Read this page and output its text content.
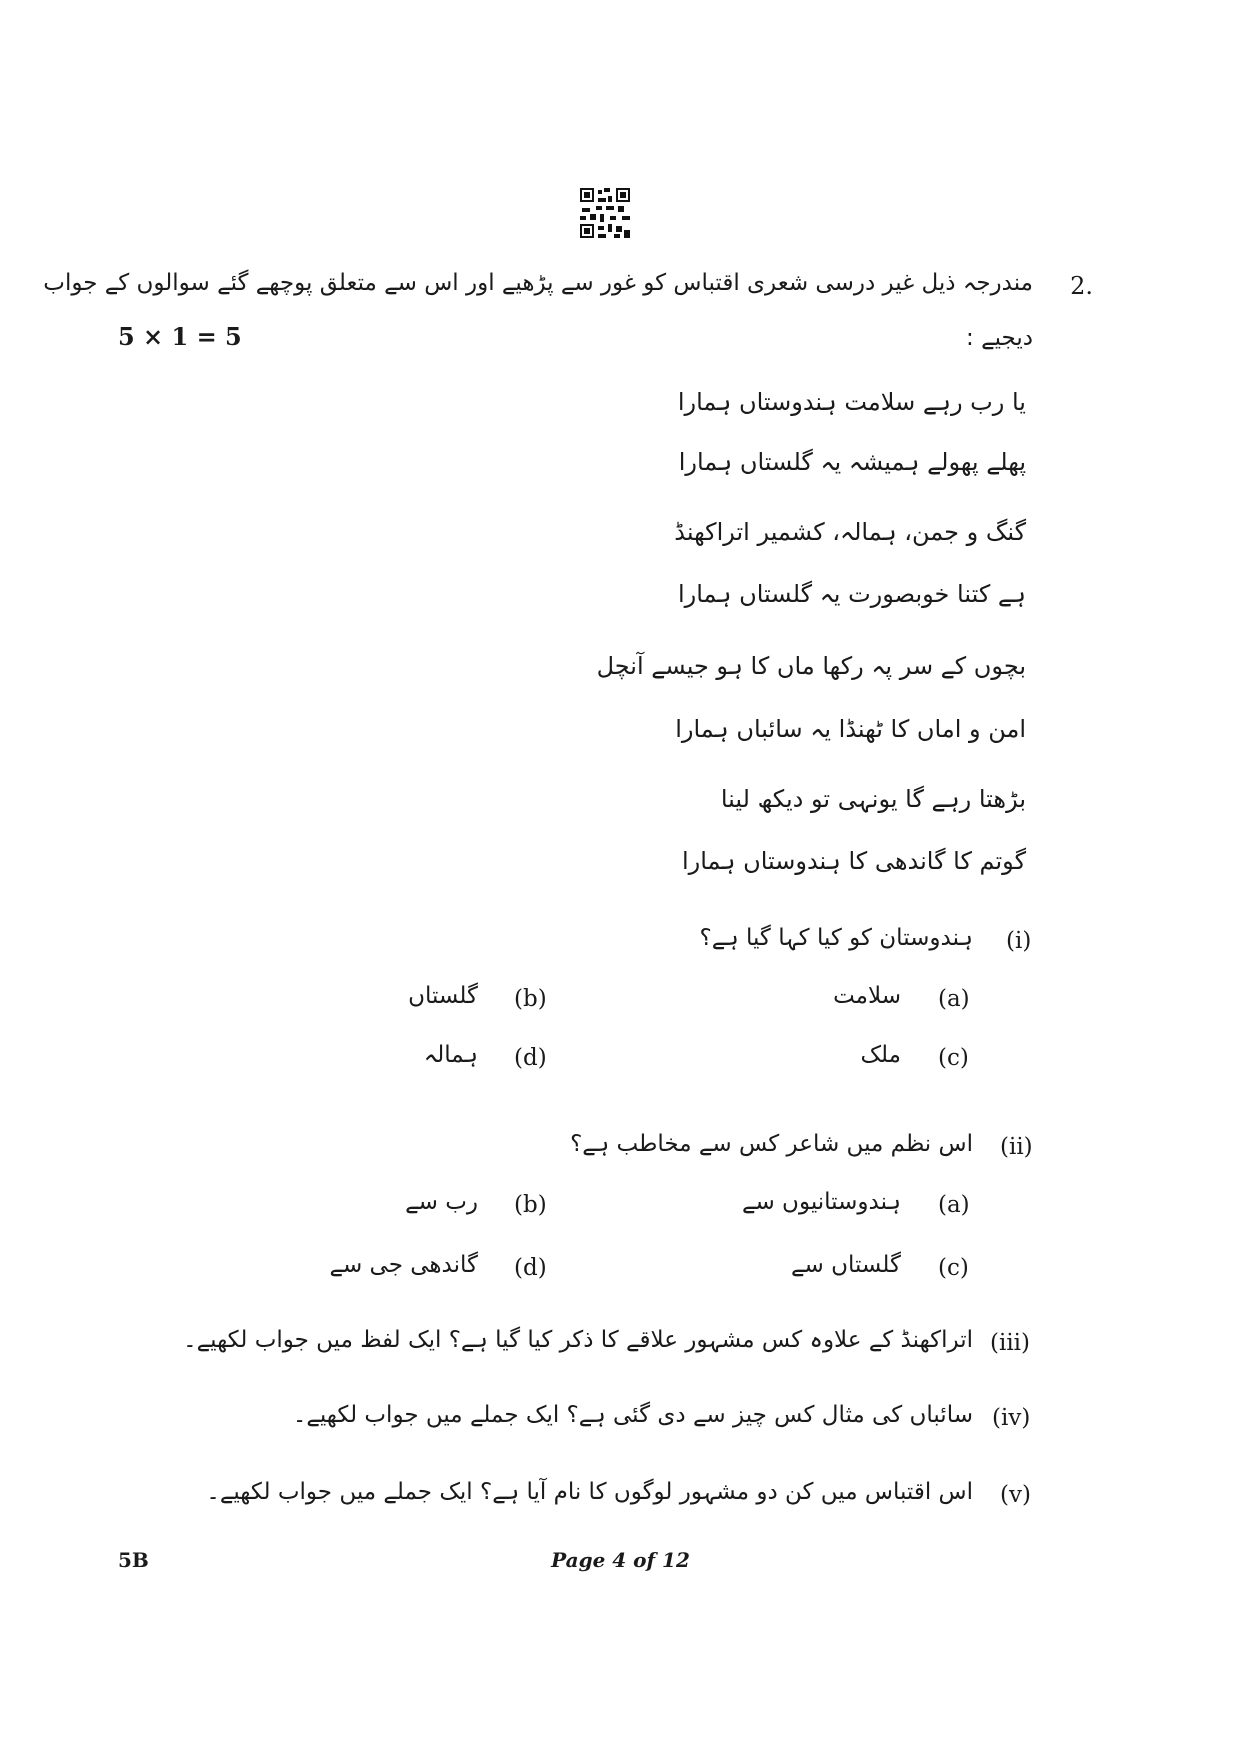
2.
مندرجہ ذیل غیر درسی شعری اقتباس کو غور سے پڑھیے اور اس سے متعلق پوچھے گئے سوالوں کے جواب
دیجیے :
5 × 1 = 5
یا رب رہے سلامت ہندوستاں ہمارا
پھلے پھولے ہمیشہ یہ گلستاں ہمارا
گنگ و جمن، ہمالہ، کشمیر اتراکھنڈ
ہے کتنا خوبصورت یہ گلستاں ہمارا
بچوں کے سر پہ رکھا ماں کا ہو جیسے آنچل
امن و اماں کا ٹھنڈا یہ سائباں ہمارا
بڑھتا رہے گا یونہی تو دیکھ لینا
گوتم کا گاندھی کا ہندوستاں ہمارا
(i)
ہندوستان کو کیا کہا گیا ہے؟
(a)
سلامت
(b)
گلستاں
(c)
ملک
(d)
ہمالہ
(ii)
اس نظم میں شاعر کس سے مخاطب ہے؟
(a)
ہندوستانیوں سے
(b)
رب سے
(c)
گلستاں سے
(d)
گاندھی جی سے
(iii)
اتراکھنڈ کے علاوہ کس مشہور علاقے کا ذکر کیا گیا ہے؟ ایک لفظ میں جواب لکھیے۔
(iv)
سائباں کی مثال کس چیز سے دی گئی ہے؟ ایک جملے میں جواب لکھیے۔
(v)
اس اقتباس میں کن دو مشہور لوگوں کا نام آیا ہے؟ ایک جملے میں جواب لکھیے۔
5B	Page 4 of 12
